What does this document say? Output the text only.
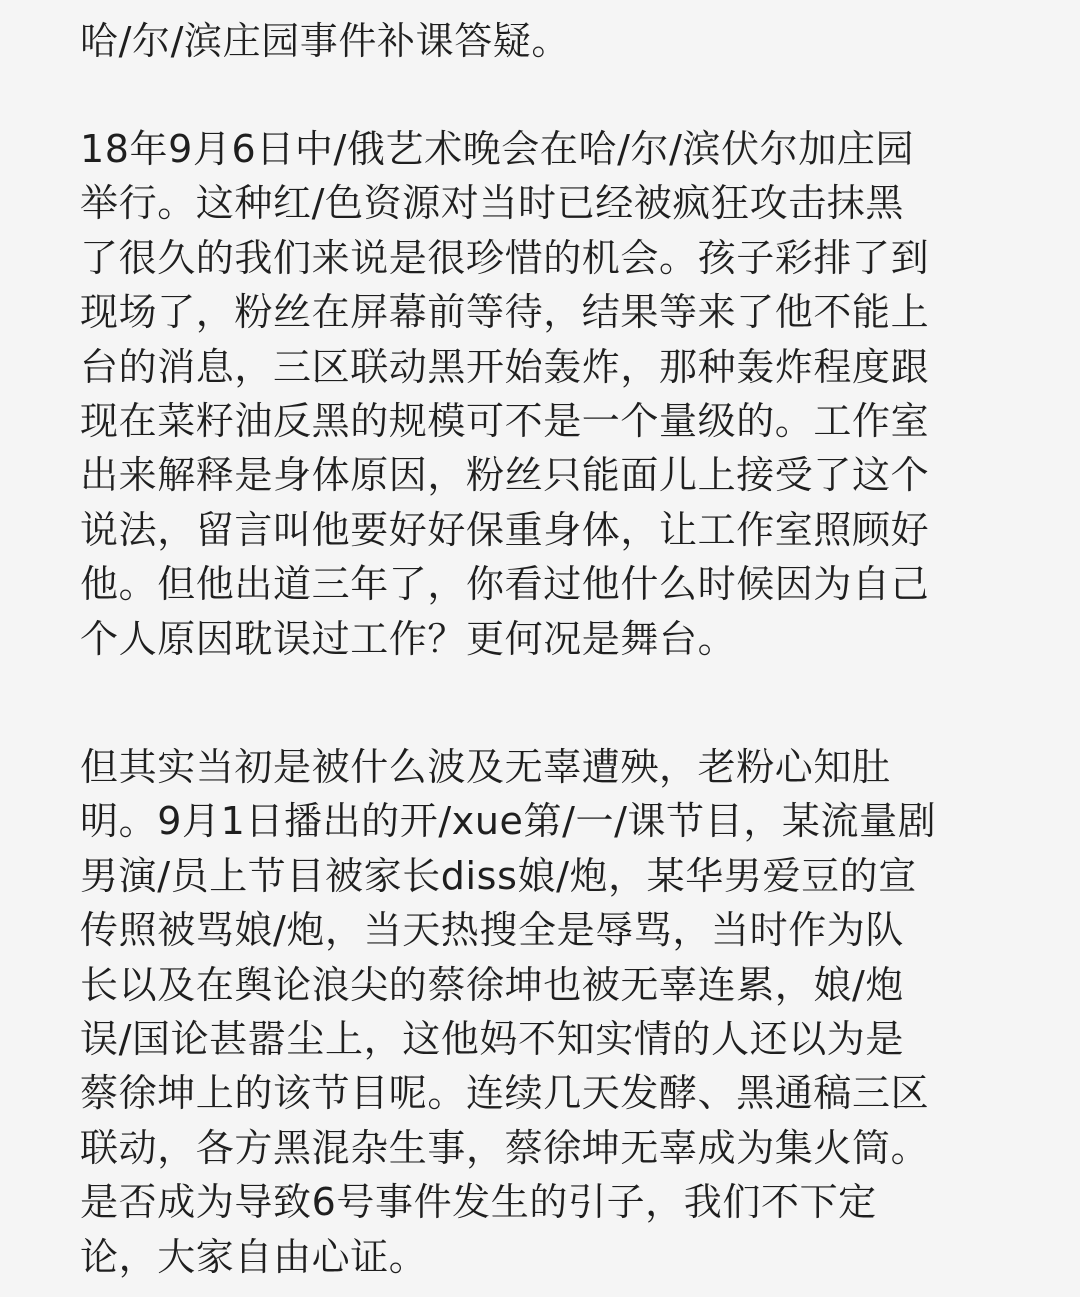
哈/尔/滨庄园事件补课答疑。
18年9月6日中/俄艺术晚会在哈/尔/滨伏尔加庄园
举行。这种红/色资源对当时已经被疯狂攻击抹黑
了很久的我们来说是很珍惜的机会。孩子彩排了到
现场了，粉丝在屏幕前等待，结果等来了他不能上
台的消息，三区联动黑开始轰炸，那种轰炸程度跟
现在菜籽油反黑的规模可不是一个量级的。工作室
出来解释是身体原因，粉丝只能面儿上接受了这个
说法，留言叫他要好好保重身体，让工作室照顾好
他。但他出道三年了，你看过他什么时候因为自己
个人原因耽误过工作？更何况是舞台。
但其实当初是被什么波及无辜遭殃，老粉心知肚
明。9月1日播出的开/xue第/一/课节目，某流量剧
男演/员上节目被家长diss娘/炮，某华男爱豆的宣
传照被骂娘/炮，当天热搜全是辱骂，当时作为队
长以及在舆论浪尖的蔡徐坤也被无辜连累，娘/炮
误/国论甚嚣尘上，这他妈不知实情的人还以为是
蔡徐坤上的该节目呢。连续几天发酵、黑通稿三区
联动，各方黑混杂生事，蔡徐坤无辜成为集火筒。
是否成为导致6号事件发生的引子，我们不下定
论，大家自由心证。
